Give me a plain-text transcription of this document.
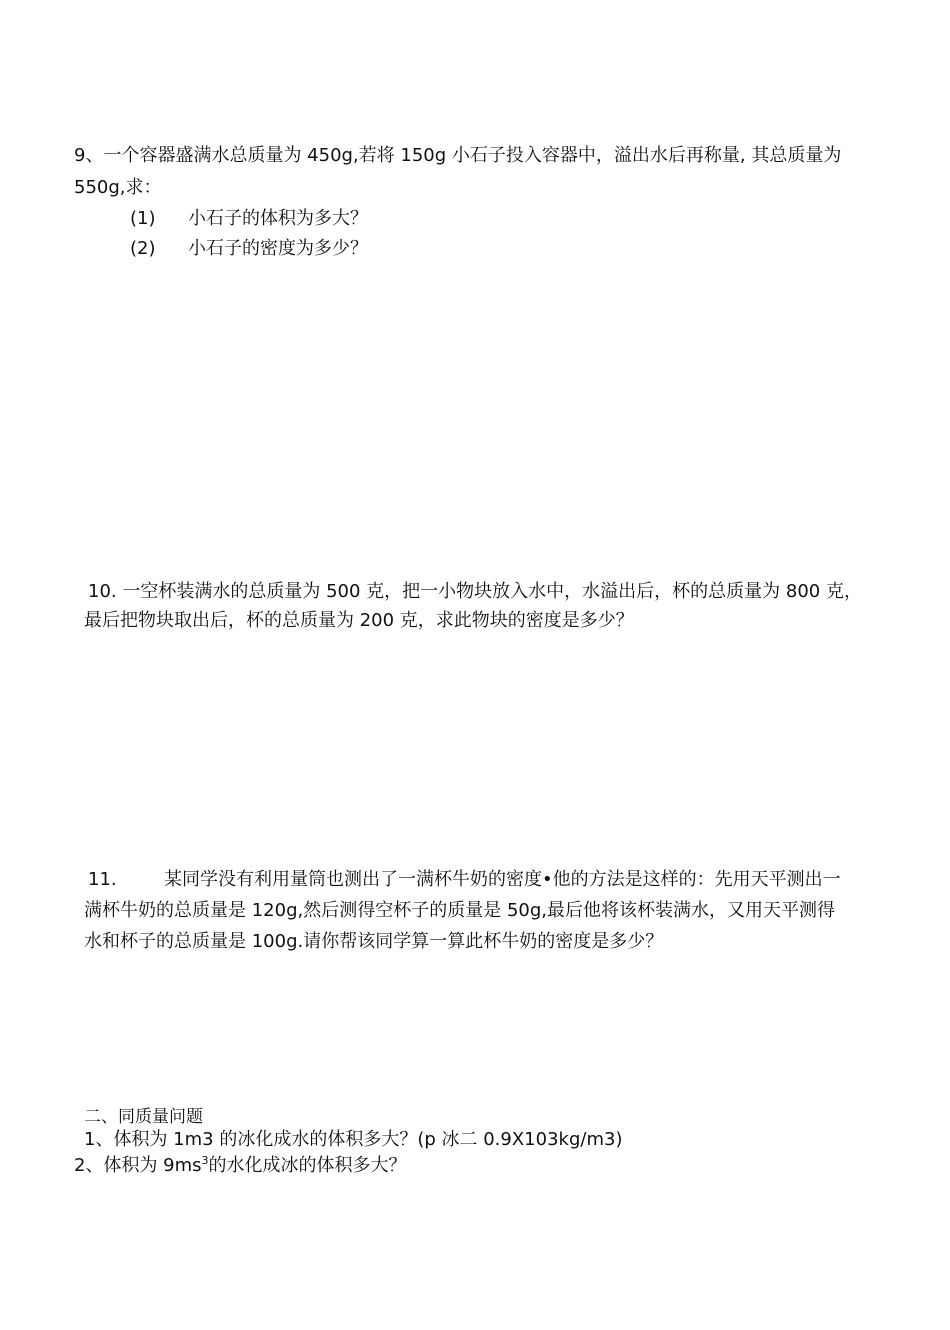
9、一个容器盛满水总质量为 450g,若将 150g 小石子投入容器中，溢出水后再称量, 其总质量为
550g,求：
(1) 小石子的体积为多大？
(2) 小石子的密度为多少？
10. 一空杯装满水的总质量为 500 克，把一小物块放入水中，水溢出后，杯的总质量为 800 克，
最后把物块取出后，杯的总质量为 200 克，求此物块的密度是多少？
11.	某同学没有利用量筒也测出了一满杯牛奶的密度•他的方法是这样的：先用天平测出一
满杯牛奶的总质量是 120g,然后测得空杯子的质量是 50g,最后他将该杯装满水，又用天平测得
水和杯子的总质量是 100g.请你帮该同学算一算此杯牛奶的密度是多少？
二、同质量问题
1、体积为 1m3 的冰化成水的体积多大？(p 冰二 0.9X103kg/m3)
2、体积为 $9ms^3$的水化成冰的体积多大？
